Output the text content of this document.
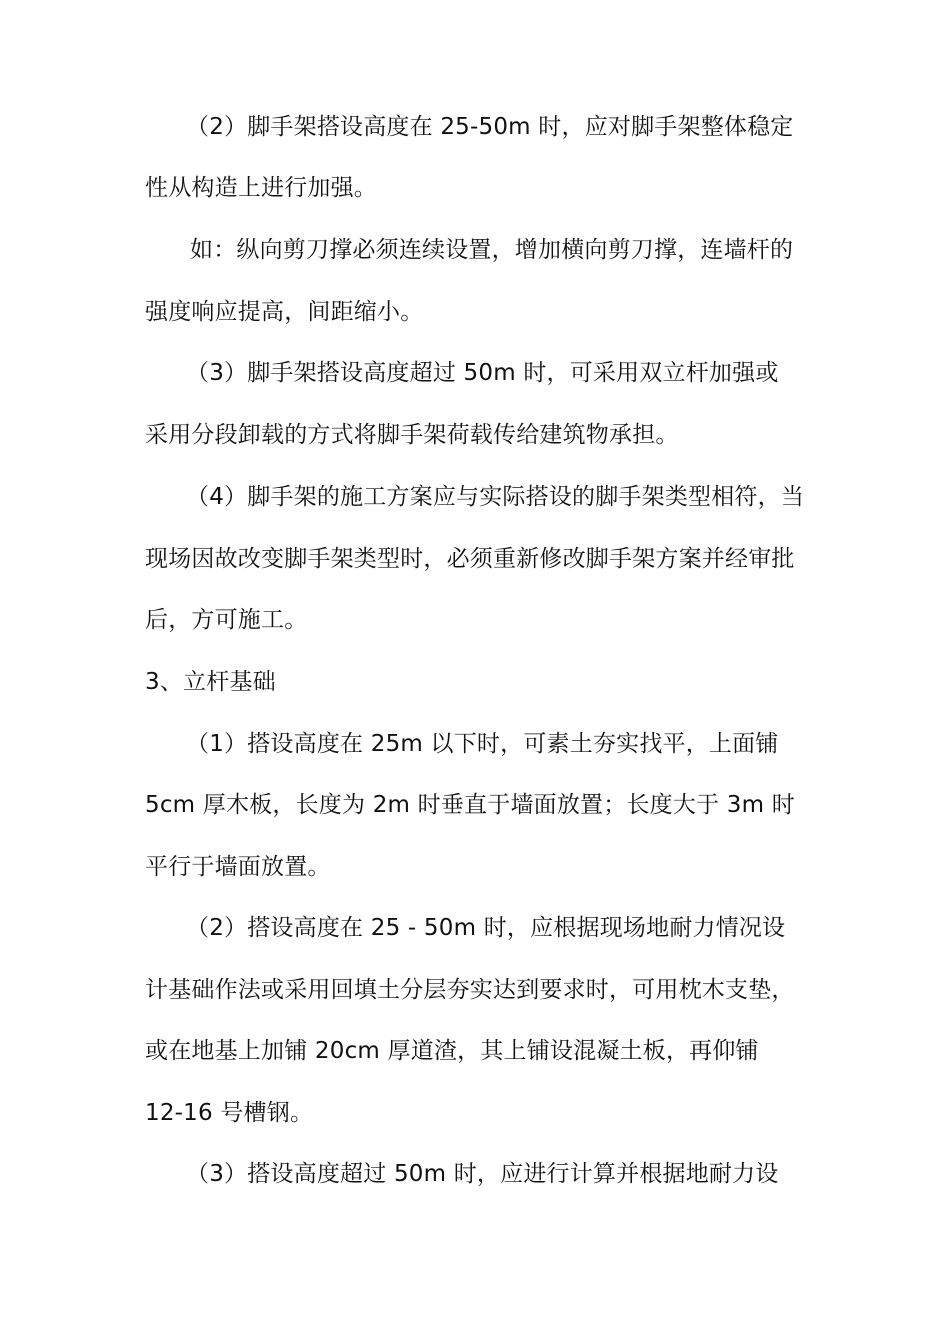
（2）脚手架搭设高度在 25-50m 时，应对脚手架整体稳定
性从构造上进行加强。
如：纵向剪刀撑必须连续设置，增加横向剪刀撑，连墙杆的
强度响应提高，间距缩小。
（3）脚手架搭设高度超过 50m 时，可采用双立杆加强或
采用分段卸载的方式将脚手架荷载传给建筑物承担。
（4）脚手架的施工方案应与实际搭设的脚手架类型相符，当
现场因故改变脚手架类型时，必须重新修改脚手架方案并经审批
后，方可施工。
3、立杆基础
（1）搭设高度在 25m 以下时，可素土夯实找平，上面铺
5cm 厚木板，长度为 2m 时垂直于墙面放置；长度大于 3m 时
平行于墙面放置。
（2）搭设高度在 25 - 50m 时，应根据现场地耐力情况设
计基础作法或采用回填土分层夯实达到要求时，可用枕木支垫，
或在地基上加铺 20cm 厚道渣，其上铺设混凝土板，再仰铺
12-16 号槽钢。
（3）搭设高度超过 50m 时，应进行计算并根据地耐力设
